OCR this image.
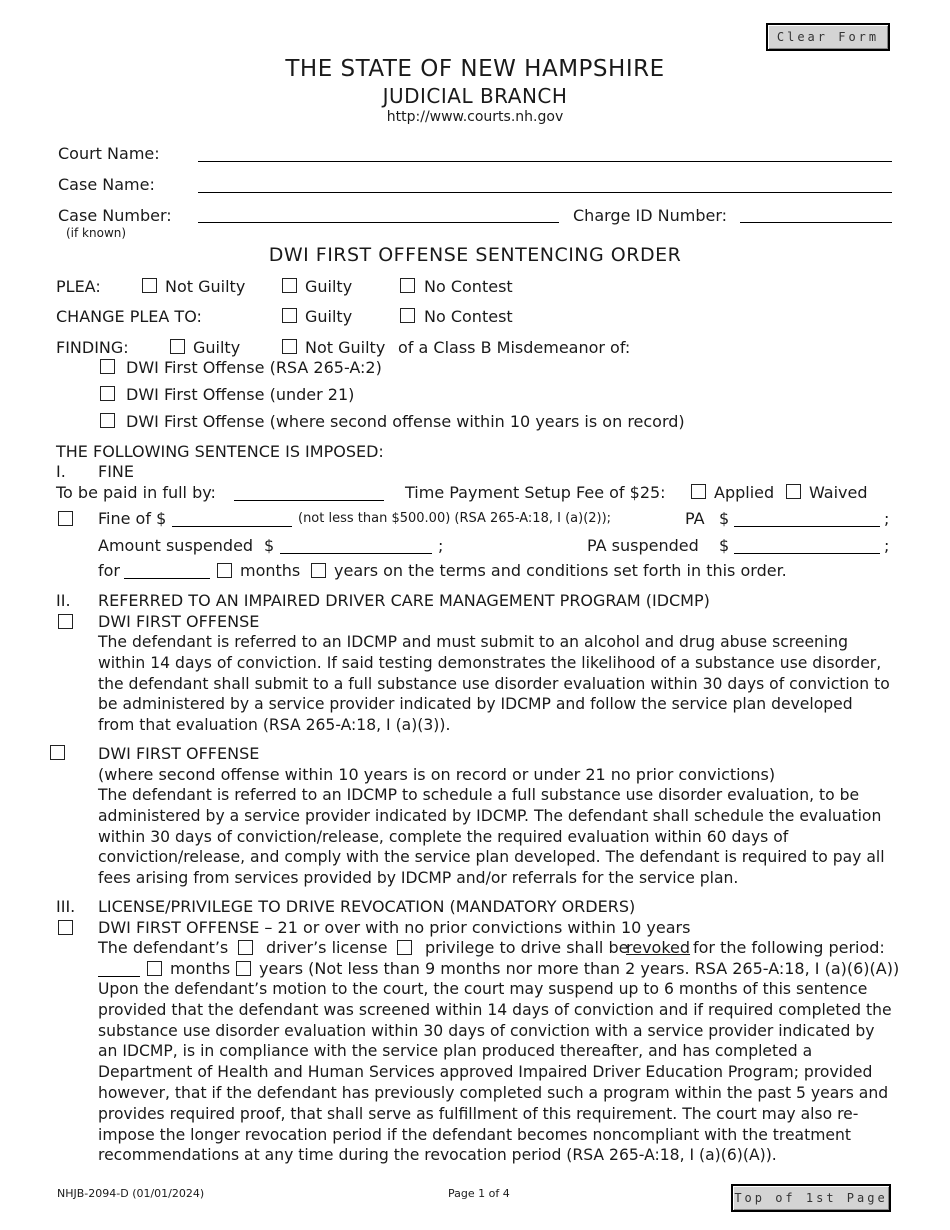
Clear Form
Top of 1st Page
THE STATE OF NEW HAMPSHIRE
JUDICIAL BRANCH
http://www.courts.nh.gov
Court Name:
Case Name:
Case Number:
(if known)
Charge ID Number:
DWI FIRST OFFENSE SENTENCING ORDER
PLEA:	Not Guilty	Guilty	No Contest
CHANGE PLEA TO:	Guilty	No Contest
FINDING:	Guilty	Not Guilty of a Class B Misdemeanor of:
DWI First Offense (RSA 265-A:2)
DWI First Offense (under 21)
DWI First Offense (where second offense within 10 years is on record)
THE FOLLOWING SENTENCE IS IMPOSED:
I. FINE
To be paid in full by:	Time Payment Setup Fee of $25:	Applied Waived
Fine of $	(not less than $500.00) (RSA 265-A:18, I (a)(2));	PA $	;
Amount suspended $	;	PA suspended $	;
for	months years on the terms and conditions set forth in this order.
II. REFERRED TO AN IMPAIRED DRIVER CARE MANAGEMENT PROGRAM (IDCMP)
DWI FIRST OFFENSE
The defendant is referred to an IDCMP and must submit to an alcohol and drug abuse screening
within 14 days of conviction. If said testing demonstrates the likelihood of a substance use disorder,
the defendant shall submit to a full substance use disorder evaluation within 30 days of conviction to
be administered by a service provider indicated by IDCMP and follow the service plan developed
from that evaluation (RSA 265-A:18, I (a)(3)).
DWI FIRST OFFENSE
(where second offense within 10 years is on record or under 21 no prior convictions)
The defendant is referred to an IDCMP to schedule a full substance use disorder evaluation, to be
administered by a service provider indicated by IDCMP. The defendant shall schedule the evaluation
within 30 days of conviction/release, complete the required evaluation within 60 days of
conviction/release, and comply with the service plan developed. The defendant is required to pay all
fees arising from services provided by IDCMP and/or referrals for the service plan.
III. LICENSE/PRIVILEGE TO DRIVE REVOCATION (MANDATORY ORDERS)
DWI FIRST OFFENSE – 21 or over with no prior convictions within 10 years
The defendant’s driver’s license privilege to drive shall be
revoked for the following period:
months years (Not less than 9 months nor more than 2 years. RSA 265-A:18, I (a)(6)(A))
Upon the defendant’s motion to the court, the court may suspend up to 6 months of this sentence
provided that the defendant was screened within 14 days of conviction and if required completed the
substance use disorder evaluation within 30 days of conviction with a service provider indicated by
an IDCMP, is in compliance with the service plan produced thereafter, and has completed a
Department of Health and Human Services approved Impaired Driver Education Program; provided
however, that if the defendant has previously completed such a program within the past 5 years and
provides required proof, that shall serve as fulfillment of this requirement. The court may also re-
impose the longer revocation period if the defendant becomes noncompliant with the treatment
recommendations at any time during the revocation period (RSA 265-A:18, I (a)(6)(A)).
NHJB-2094-D (01/01/2024)	Page 1 of 4
